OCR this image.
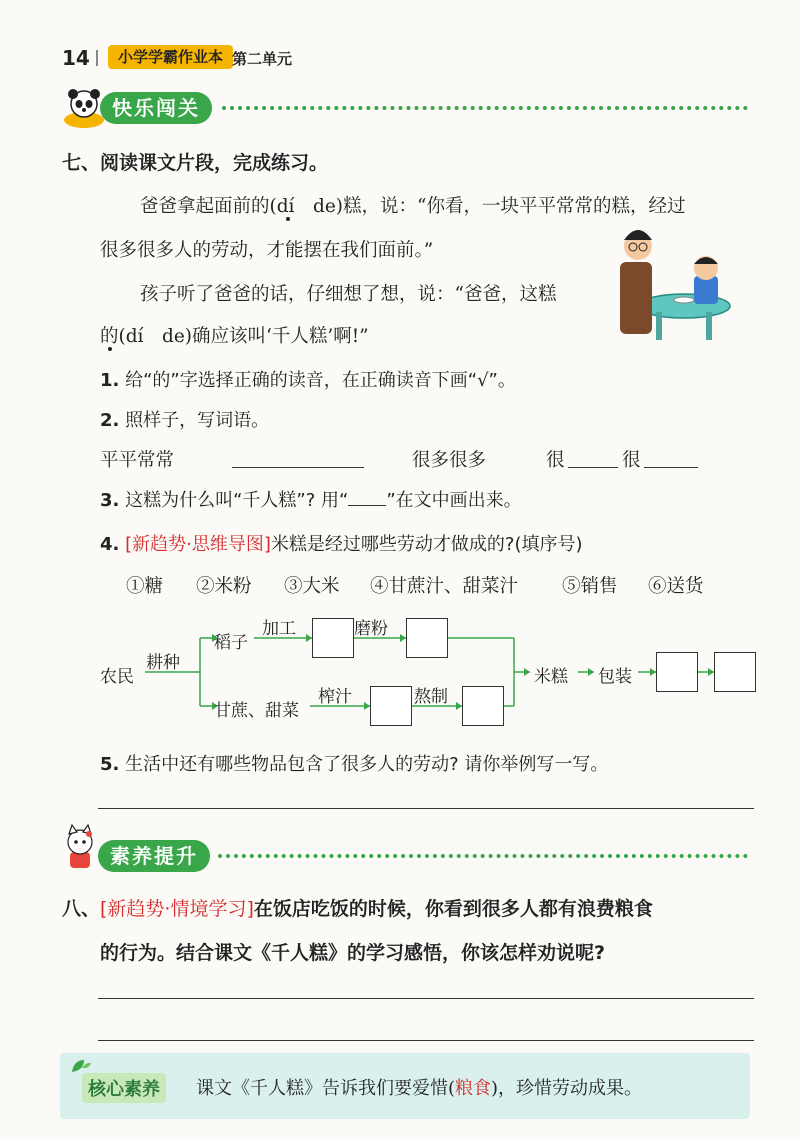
14	小学学霸作业本 第二单元
快乐闯关
七、阅读课文片段，完成练习。
爸爸拿起面前的(dí　de)糕，说：“你看，一块平平常常的糕，经过
很多很多人的劳动，才能摆在我们面前。”
孩子听了爸爸的话，仔细想了想，说：“爸爸，这糕
的(dí　de)确应该叫‘千人糕’啊!”
1. 给“的”字选择正确的读音，在正确读音下画“√”。
2. 照样子，写词语。
平平常常	很多很多	很	很
3. 这糕为什么叫“千人糕”? 用“ ”在文中画出来。
4. [新趋势·思维导图]米糕是经过哪些劳动才做成的?(填序号)
①糖 ②米粉 ③大米 ④甘蔗汁、甜菜汁 ⑤销售 ⑥送货
农民
耕种
稻子
加工	磨粉
甘蔗、甜菜
榨汁	熬制
米糕 包装
5. 生活中还有哪些物品包含了很多人的劳动? 请你举例写一写。
素养提升
八、[新趋势·情境学习]在饭店吃饭的时候，你看到很多人都有浪费粮食
的行为。结合课文《千人糕》的学习感悟，你该怎样劝说呢?
核心素养	课文《千人糕》告诉我们要爱惜(粮食)，珍惜劳动成果。
